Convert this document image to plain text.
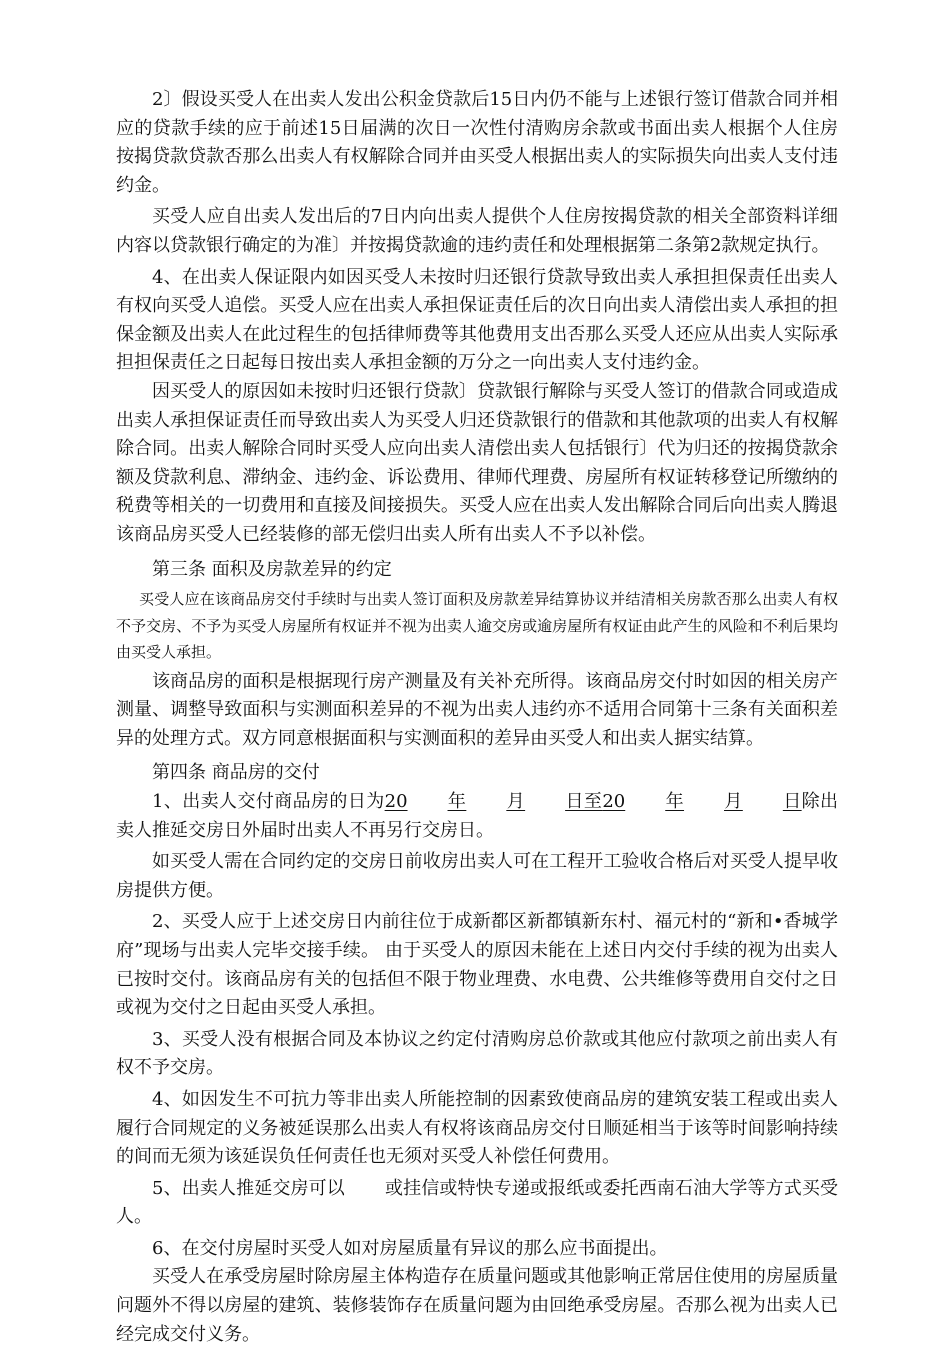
2〕假设买受人在出卖人发出公积金贷款后15日内仍不能与上述银行签订借款合同并相应的贷款手续的应于前述15日届满的次日一次性付清购房余款或书面出卖人根据个人住房按揭贷款贷款否那么出卖人有权解除合同并由买受人根据出卖人的实际损失向出卖人支付违约金。

买受人应自出卖人发出后的7日内向出卖人提供个人住房按揭贷款的相关全部资料详细内容以贷款银行确定的为准〕并按揭贷款逾的违约责任和处理根据第二条第2款规定执行。

4、在出卖人保证限内如因买受人未按时归还银行贷款导致出卖人承担担保责任出卖人有权向买受人追偿。买受人应在出卖人承担保证责任后的次日向出卖人清偿出卖人承担的担保金额及出卖人在此过程生的包括律师费等其他费用支出否那么买受人还应从出卖人实际承担担保责任之日起每日按出卖人承担金额的万分之一向出卖人支付违约金。

因买受人的原因如未按时归还银行贷款〕贷款银行解除与买受人签订的借款合同或造成出卖人承担保证责任而导致出卖人为买受人归还贷款银行的借款和其他款项的出卖人有权解除合同。出卖人解除合同时买受人应向出卖人清偿出卖人包括银行〕代为归还的按揭贷款余额及贷款利息、滞纳金、违约金、诉讼费用、律师代理费、房屋所有权证转移登记所缴纳的税费等相关的一切费用和直接及间接损失。买受人应在出卖人发出解除合同后向出卖人腾退该商品房买受人已经装修的部无偿归出卖人所有出卖人不予以补偿。

第三条 面积及房款差异的约定

买受人应在该商品房交付手续时与出卖人签订面积及房款差异结算协议并结清相关房款否那么出卖人有权不予交房、不予为买受人房屋所有权证并不视为出卖人逾交房或逾房屋所有权证由此产生的风险和不利后果均由买受人承担。

该商品房的面积是根据现行房产测量及有关补充所得。该商品房交付时如因的相关房产测量、调整导致面积与实测面积差异的不视为出卖人违约亦不适用合同第十三条有关面积差异的处理方式。双方同意根据面积与实测面积的差异由买受人和出卖人据实结算。

第四条 商品房的交付

1、出卖人交付商品房的日为20 年 月 日至20 年 月 日除出卖人推延交房日外届时出卖人不再另行交房日。

如买受人需在合同约定的交房日前收房出卖人可在工程开工验收合格后对买受人提早收房提供方便。

2、买受人应于上述交房日内前往位于成新都区新都镇新东村、福元村的“新和•香城学府”现场与出卖人完毕交接手续。 由于买受人的原因未能在上述日内交付手续的视为出卖人已按时交付。该商品房有关的包括但不限于物业理费、水电费、公共维修等费用自交付之日或视为交付之日起由买受人承担。

3、买受人没有根据合同及本协议之约定付清购房总价款或其他应付款项之前出卖人有权不予交房。

4、如因发生不可抗力等非出卖人所能控制的因素致使商品房的建筑安装工程或出卖人履行合同规定的义务被延误那么出卖人有权将该商品房交付日顺延相当于该等时间影响持续的间而无须为该延误负任何责任也无须对买受人补偿任何费用。

5、出卖人推延交房可以 或挂信或特快专递或报纸或委托西南石油大学等方式买受人。

6、在交付房屋时买受人如对房屋质量有异议的那么应书面提出。

买受人在承受房屋时除房屋主体构造存在质量问题或其他影响正常居住使用的房屋质量问题外不得以房屋的建筑、装修装饰存在质量问题为由回绝承受房屋。否那么视为出卖人已经完成交付义务。
